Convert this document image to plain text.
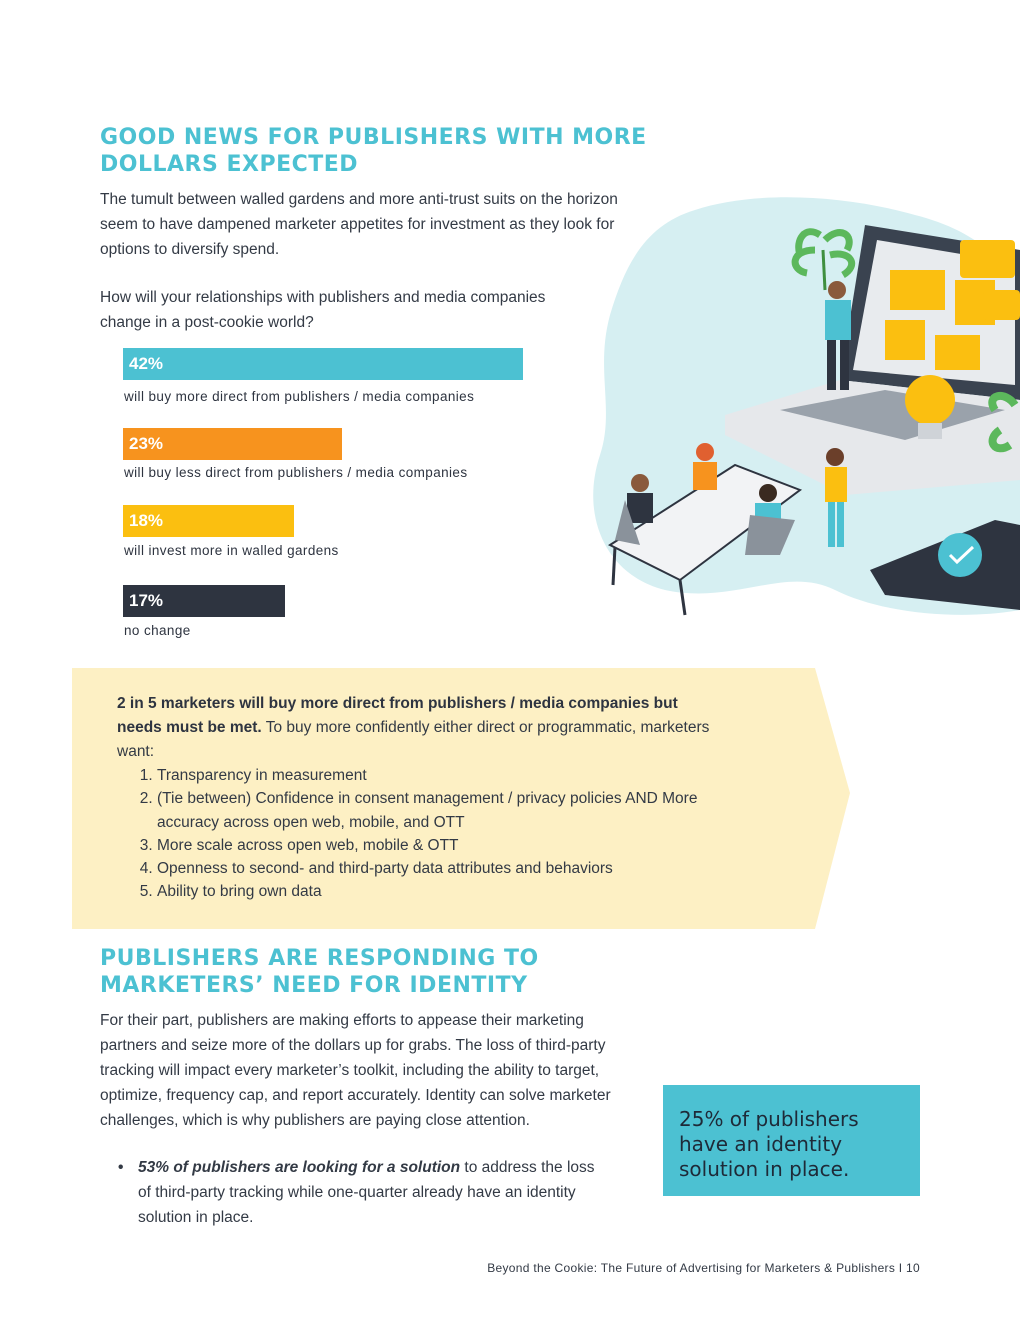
GOOD NEWS FOR PUBLISHERS WITH MORE
DOLLARS EXPECTED

The tumult between walled gardens and more anti-trust suits on the horizon seem to have dampened marketer appetites for investment as they look for options to diversify spend.

How will your relationships with publishers and media companies change in a post-cookie world?

42%
will buy more direct from publishers / media companies
23%
will buy less direct from publishers / media companies
18%
will invest more in walled gardens
17%
no change
2 in 5 marketers will buy more direct from publishers / media companies but needs must be met. To buy more confidently either direct or programmatic, marketers want:
1. Transparency in measurement
2. (Tie between) Confidence in consent management / privacy policies AND More accuracy across open web, mobile, and OTT
3. More scale across open web, mobile & OTT
4. Openness to second- and third-party data attributes and behaviors
5. Ability to bring own data
PUBLISHERS ARE RESPONDING TO
MARKETERS’ NEED FOR IDENTITY

For their part, publishers are making efforts to appease their marketing partners and seize more of the dollars up for grabs. The loss of third-party tracking will impact every marketer’s toolkit, including the ability to target, optimize, frequency cap, and report accurately. Identity can solve marketer challenges, which is why publishers are paying close attention.

• 53% of publishers are looking for a solution to address the loss of third-party tracking while one-quarter already have an identity solution in place.
25% of publishers have an identity solution in place.
Beyond the Cookie: The Future of Advertising for Marketers & Publishers I 10
